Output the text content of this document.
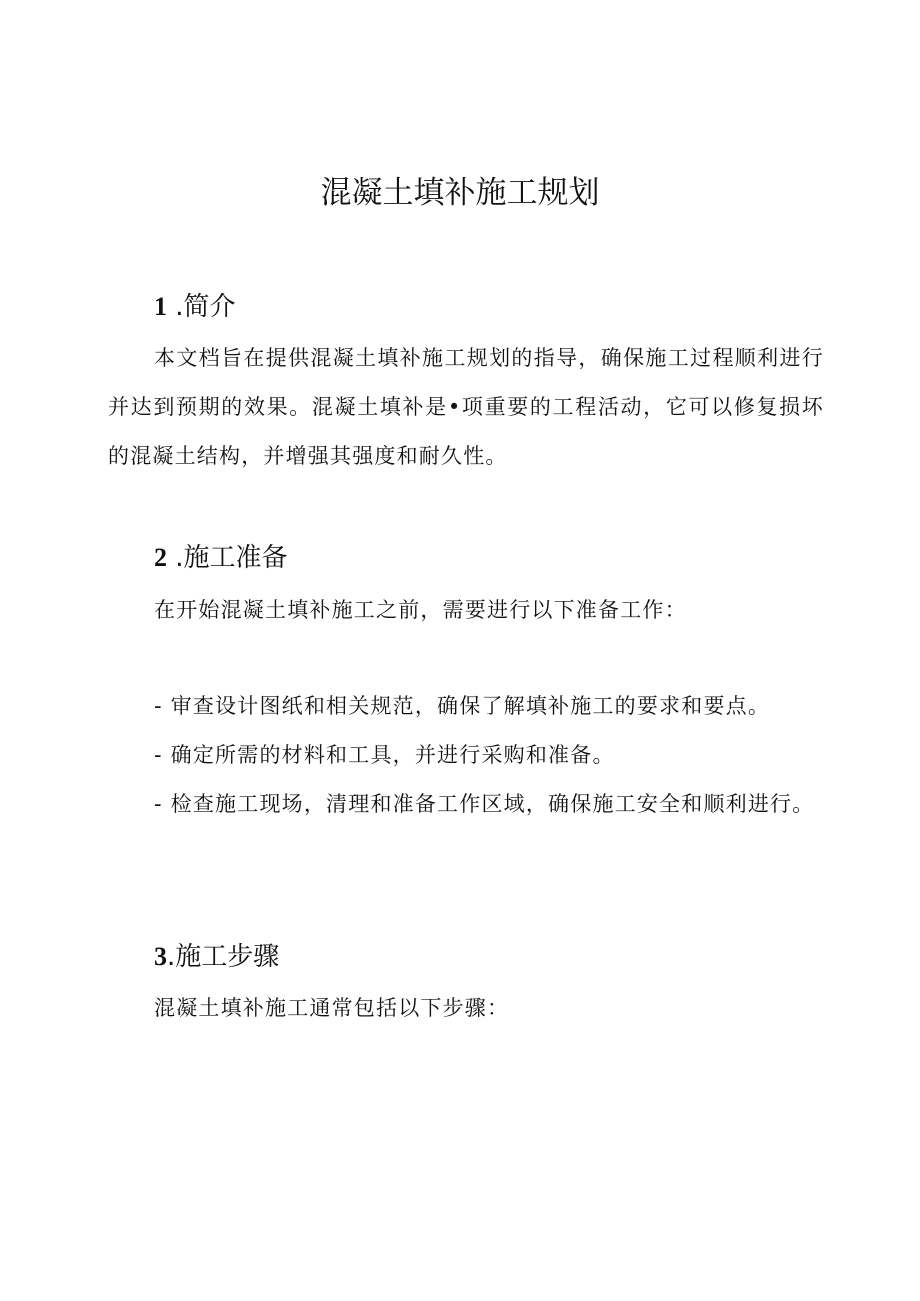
混凝土填补施工规划
1 .简介

本文档旨在提供混凝土填补施工规划的指导，确保施工过程顺利进行并达到预期的效果。混凝土填补是•项重要的工程活动，它可以修复损坏的混凝土结构，并增强其强度和耐久性。

2 .施工准备

在开始混凝土填补施工之前，需要进行以下准备工作：

- 审查设计图纸和相关规范，确保了解填补施工的要求和要点。

- 确定所需的材料和工具，并进行采购和准备。

- 检查施工现场，清理和准备工作区域，确保施工安全和顺利进行。

3.施工步骤

混凝土填补施工通常包括以下步骤：
